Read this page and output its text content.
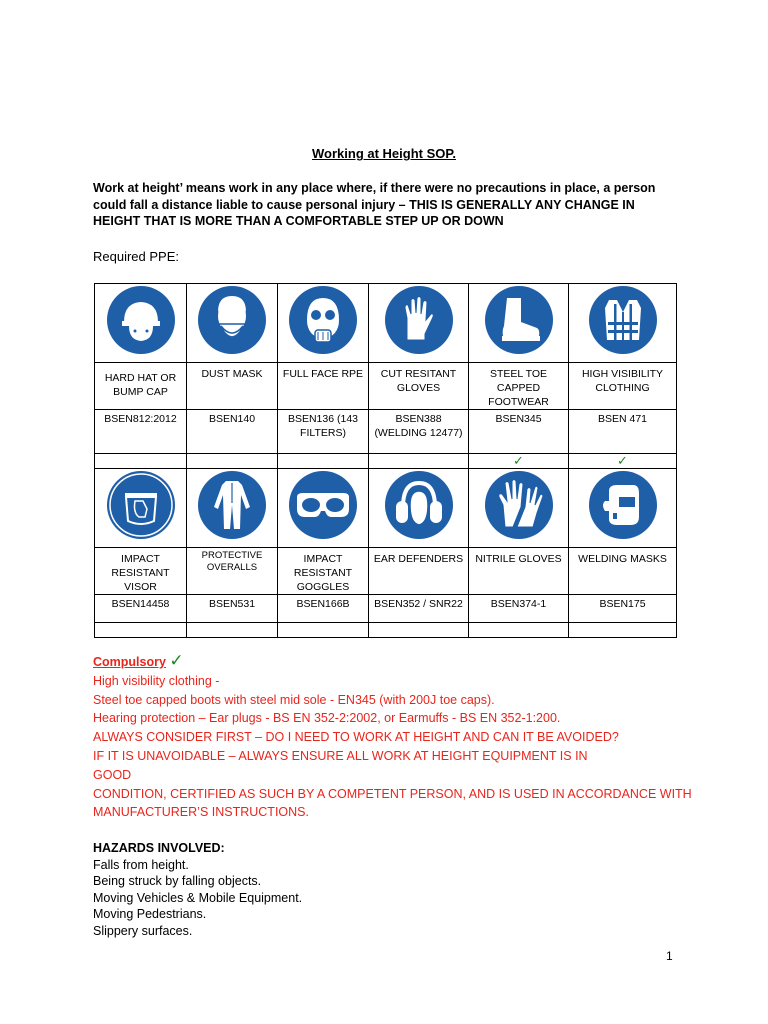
Working at Height SOP.
Work at height’ means work in any place where, if there were no precautions in place, a person could fall a distance liable to cause personal injury – THIS IS GENERALLY ANY CHANGE IN HEIGHT THAT IS MORE THAN A COMFORTABLE STEP UP OR DOWN
Required PPE:

HARD HAT OR BUMP CAP	DUST MASK	FULL FACE RPE	CUT RESITANT GLOVES	STEEL TOE CAPPED FOOTWEAR	HIGH VISIBILITY CLOTHING

BSEN812:2012	BSEN140	BSEN136 (143 FILTERS)	BSEN388 (WELDING 12477)	BSEN345	BSEN 471

				✓	✓

IMPACT RESISTANT VISOR	PROTECTIVE OVERALLS	IMPACT RESISTANT GOGGLES	EAR DEFENDERS	NITRILE GLOVES	WELDING MASKS

BSEN14458	BSEN531	BSEN166B	BSEN352 / SNR22	BSEN374-1	BSEN175

Compulsory ✓
High visibility clothing -
Steel toe capped boots with steel mid sole - EN345 (with 200J toe caps).
Hearing protection – Ear plugs - BS EN 352-2:2002, or Earmuffs - BS EN 352-1:200.
ALWAYS CONSIDER FIRST – DO I NEED TO WORK AT HEIGHT AND CAN IT BE AVOIDED?
IF IT IS UNAVOIDABLE – ALWAYS ENSURE ALL WORK AT HEIGHT EQUIPMENT IS IN
GOOD
CONDITION, CERTIFIED AS SUCH BY A COMPETENT PERSON, AND IS USED IN ACCORDANCE WITH
MANUFACTURER’S INSTRUCTIONS.
HAZARDS INVOLVED:
Falls from height.
Being struck by falling objects.
Moving Vehicles & Mobile Equipment.
Moving Pedestrians.
Slippery surfaces.
1
